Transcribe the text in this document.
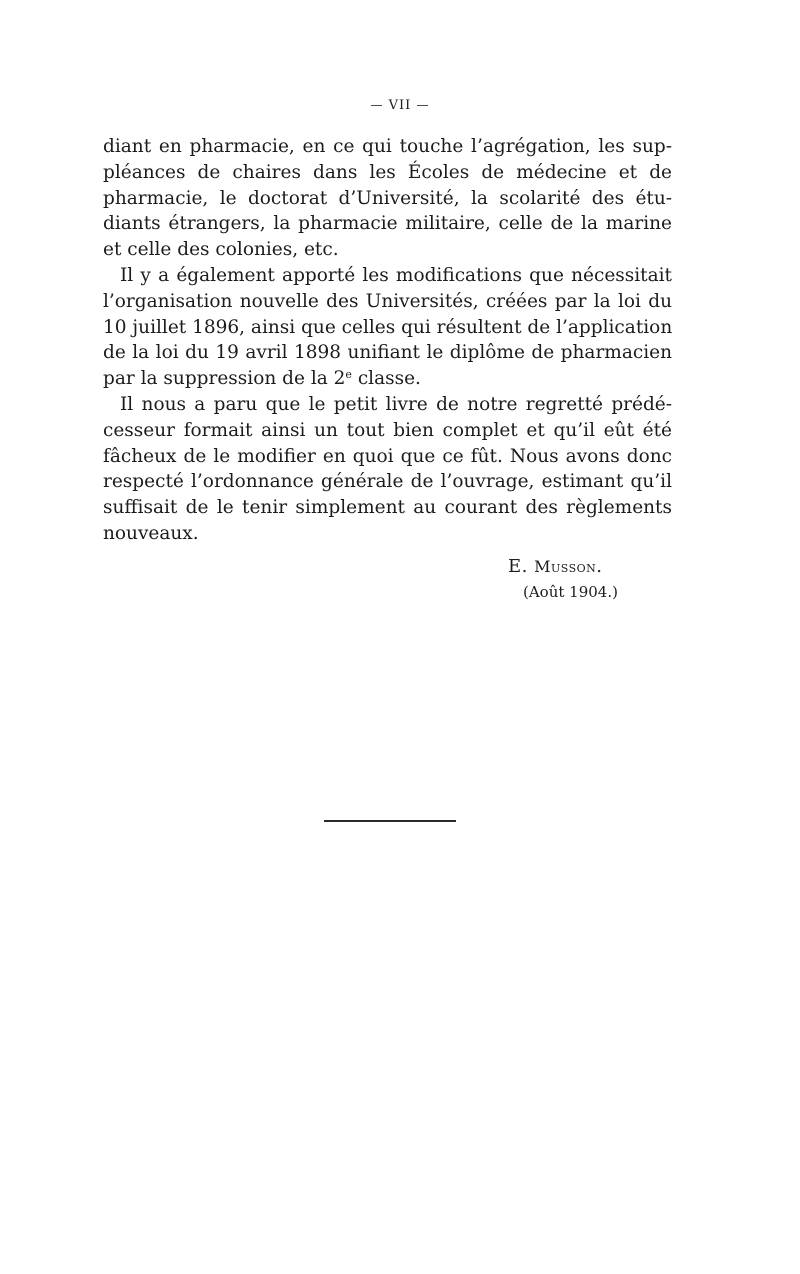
— VII —
diant en pharmacie, en ce qui touche l’agrégation, les sup-
pléances de chaires dans les Écoles de médecine et de
pharmacie, le doctorat d’Université, la scolarité des étu-
diants étrangers, la pharmacie militaire, celle de la marine
et celle des colonies, etc.
Il y a également apporté les modifications que nécessitait
l’organisation nouvelle des Universités, créées par la loi du
10 juillet 1896, ainsi que celles qui résultent de l’application
de la loi du 19 avril 1898 unifiant le diplôme de pharmacien
par la suppression de la 2e classe.
Il nous a paru que le petit livre de notre regretté prédé-
cesseur formait ainsi un tout bien complet et qu’il eût été
fâcheux de le modifier en quoi que ce fût. Nous avons donc
respecté l’ordonnance générale de l’ouvrage, estimant qu’il
suffisait de le tenir simplement au courant des règlements
nouveaux.
E. Musson.
(Août 1904.)
